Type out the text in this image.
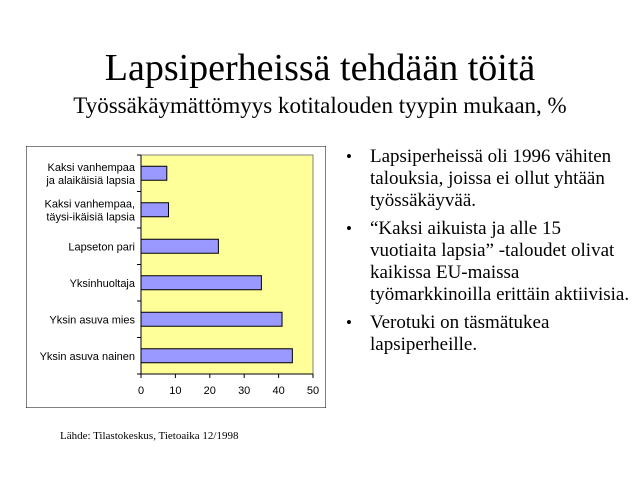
Lapsiperheissä tehdään töitä
Työssäkäymättömyys kotitalouden tyypin mukaan, %
Kaksi vanhempaa ja alaikäisiä lapsia
Kaksi vanhempaa, täysi-ikäisiä lapsia
Lapseton pari
Yksinhuoltaja
Yksin asuva mies
Yksin asuva nainen
0 10 20 30 40 50
• Lapsiperheissä oli 1996 vähiten talouksia, joissa ei ollut yhtään työssäkäyvää.
• “Kaksi aikuista ja alle 15 vuotiaita lapsia” -taloudet olivat kaikissa EU-maissa työmarkkinoilla erittäin aktiivisia.
• Verotuki on täsmätukea lapsiperheille.
Lähde: Tilastokeskus, Tietoaika 12/1998
